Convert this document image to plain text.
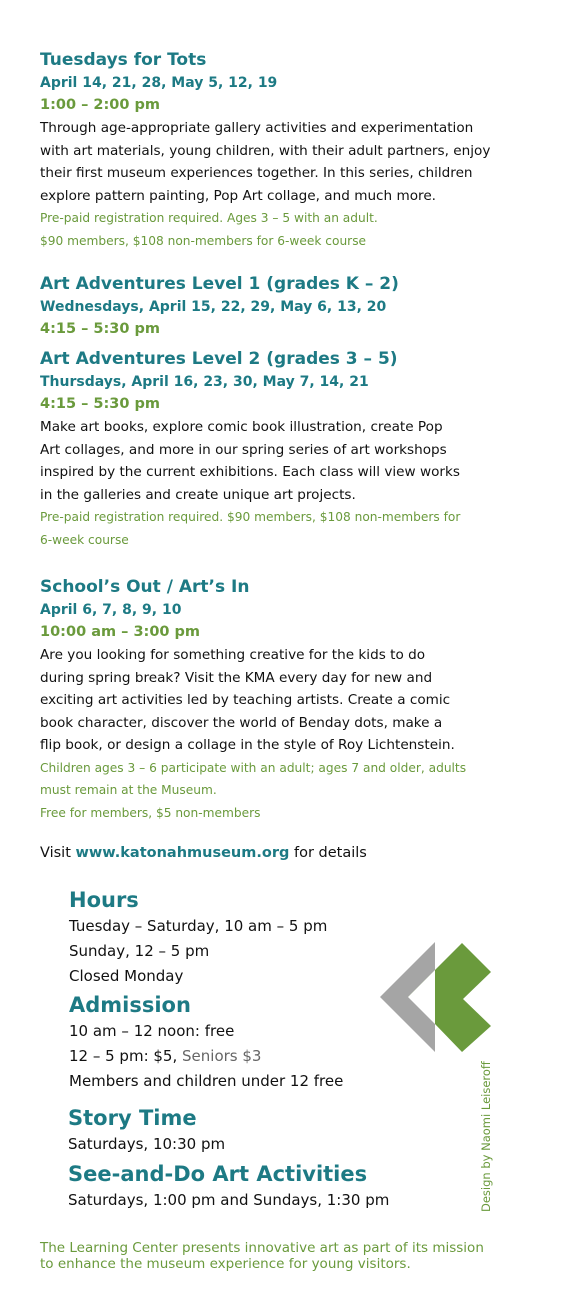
Tuesdays for Tots
April 14, 21, 28, May 5, 12, 19
1:00 – 2:00 pm
Through age-appropriate gallery activities and experimentation
with art materials, young children, with their adult partners, enjoy
their first museum experiences together. In this series, children
explore pattern painting, Pop Art collage, and much more.
Pre-paid registration required. Ages 3 – 5 with an adult.
$90 members, $108 non-members for 6-week course
Art Adventures Level 1 (grades K – 2)
Wednesdays, April 15, 22, 29, May 6, 13, 20
4:15 – 5:30 pm
Art Adventures Level 2 (grades 3 – 5)
Thursdays, April 16, 23, 30, May 7, 14, 21
4:15 – 5:30 pm
Make art books, explore comic book illustration, create Pop
Art collages, and more in our spring series of art workshops
inspired by the current exhibitions. Each class will view works
in the galleries and create unique art projects.
Pre-paid registration required. $90 members, $108 non-members for
6-week course
School’s Out / Art’s In
April 6, 7, 8, 9, 10
10:00 am – 3:00 pm
Are you looking for something creative for the kids to do
during spring break? Visit the KMA every day for new and
exciting art activities led by teaching artists. Create a comic
book character, discover the world of Benday dots, make a
flip book, or design a collage in the style of Roy Lichtenstein.
Children ages 3 – 6 participate with an adult; ages 7 and older, adults
must remain at the Museum.
Free for members, $5 non-members
Visit www.katonahmuseum.org for details
Hours
Tuesday – Saturday, 10 am – 5 pm
Sunday, 12 – 5 pm
Closed Monday
Admission
10 am – 12 noon: free
12 – 5 pm: $5, Seniors $3
Members and children under 12 free
Story Time
Saturdays, 10:30 pm
See-and-Do Art Activities
Saturdays, 1:00 pm and Sundays, 1:30 pm	Design by Naomi Leiseroff
The Learning Center presents innovative art as part of its mission
to enhance the museum experience for young visitors.
